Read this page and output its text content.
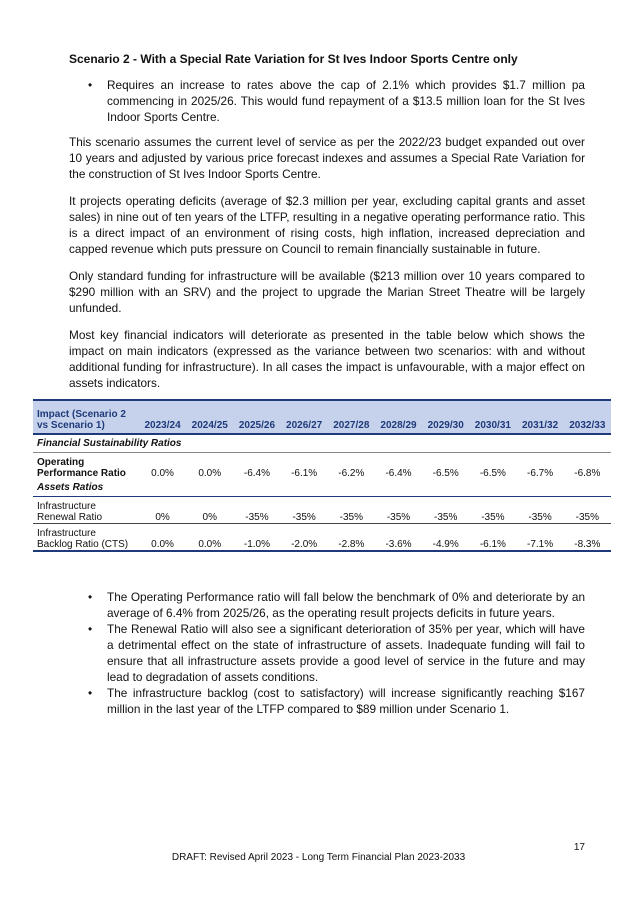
Scenario 2 - With a Special Rate Variation for St Ives Indoor Sports Centre only
• Requires an increase to rates above the cap of 2.1% which provides $1.7 million pa commencing in 2025/26. This would fund repayment of a $13.5 million loan for the St Ives Indoor Sports Centre.

This scenario assumes the current level of service as per the 2022/23 budget expanded out over 10 years and adjusted by various price forecast indexes and assumes a Special Rate Variation for the construction of St Ives Indoor Sports Centre.

It projects operating deficits (average of $2.3 million per year, excluding capital grants and asset sales) in nine out of ten years of the LTFP, resulting in a negative operating performance ratio. This is a direct impact of an environment of rising costs, high inflation, increased depreciation and capped revenue which puts pressure on Council to remain financially sustainable in future.

Only standard funding for infrastructure will be available ($213 million over 10 years compared to $290 million with an SRV) and the project to upgrade the Marian Street Theatre will be largely unfunded.

Most key financial indicators will deteriorate as presented in the table below which shows the impact on main indicators (expressed as the variance between two scenarios: with and without additional funding for infrastructure). In all cases the impact is unfavourable, with a major effect on assets indicators.

Impact (Scenario 2
vs Scenario 1)	2023/24	2024/25	2025/26	2026/27	2027/28	2028/29	2029/30	2030/31	2031/32	2032/33
Financial Sustainability Ratios										
Operating
Performance Ratio	0.0%	0.0%	-6.4%	-6.1%	-6.2%	-6.4%	-6.5%	-6.5%	-6.7%	-6.8%
Assets Ratios										
Infrastructure
Renewal Ratio	0%	0%	-35%	-35%	-35%	-35%	-35%	-35%	-35%	-35%
Infrastructure
Backlog Ratio (CTS)	0.0%	0.0%	-1.0%	-2.0%	-2.8%	-3.6%	-4.9%	-6.1%	-7.1%	-8.3%
• The Operating Performance ratio will fall below the benchmark of 0% and deteriorate by an average of 6.4% from 2025/26, as the operating result projects deficits in future years.
• The Renewal Ratio will also see a significant deterioration of 35% per year, which will have a detrimental effect on the state of infrastructure of assets. Inadequate funding will fail to ensure that all infrastructure assets provide a good level of service in the future and may lead to degradation of assets conditions.
• The infrastructure backlog (cost to satisfactory) will increase significantly reaching $167 million in the last year of the LTFP compared to $89 million under Scenario 1.
17
DRAFT: Revised April 2023 - Long Term Financial Plan 2023-2033
